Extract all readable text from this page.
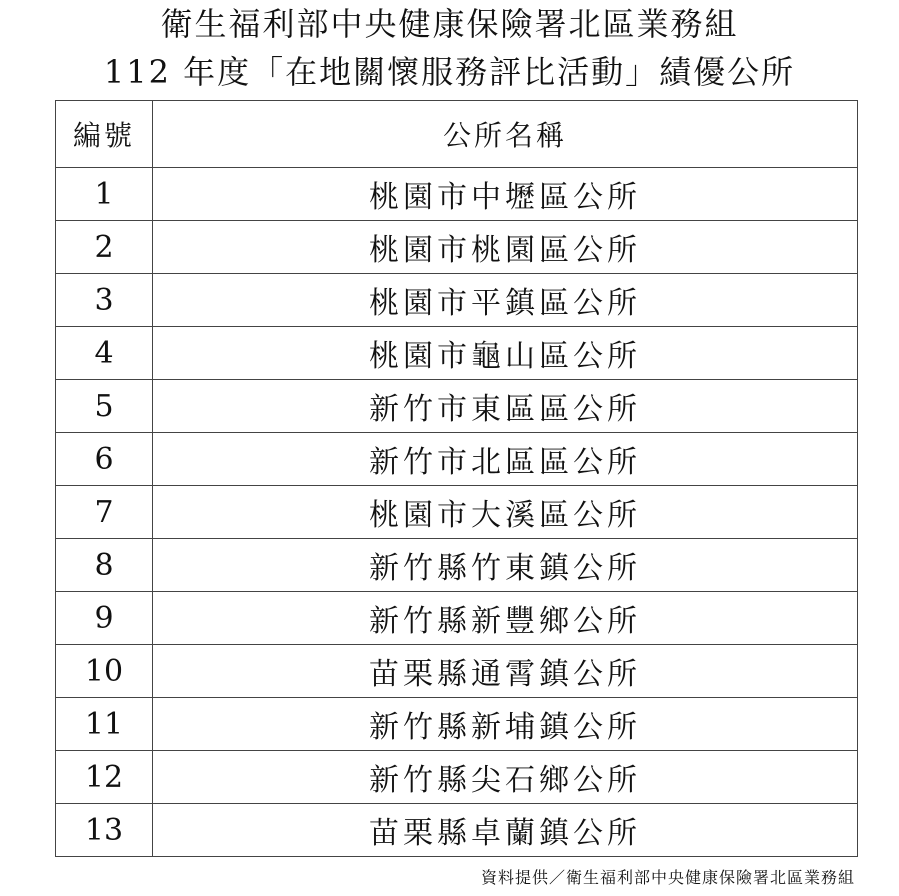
衛生福利部中央健康保險署北區業務組
112 年度「在地關懷服務評比活動」績優公所
編號	公所名稱
1	桃園市中壢區公所
2	桃園市桃園區公所
3	桃園市平鎮區公所
4	桃園市龜山區公所
5	新竹市東區區公所
6	新竹市北區區公所
7	桃園市大溪區公所
8	新竹縣竹東鎮公所
9	新竹縣新豐鄉公所
10	苗栗縣通霄鎮公所
11	新竹縣新埔鎮公所
12	新竹縣尖石鄉公所
13	苗栗縣卓蘭鎮公所
資料提供／衛生福利部中央健康保險署北區業務組
